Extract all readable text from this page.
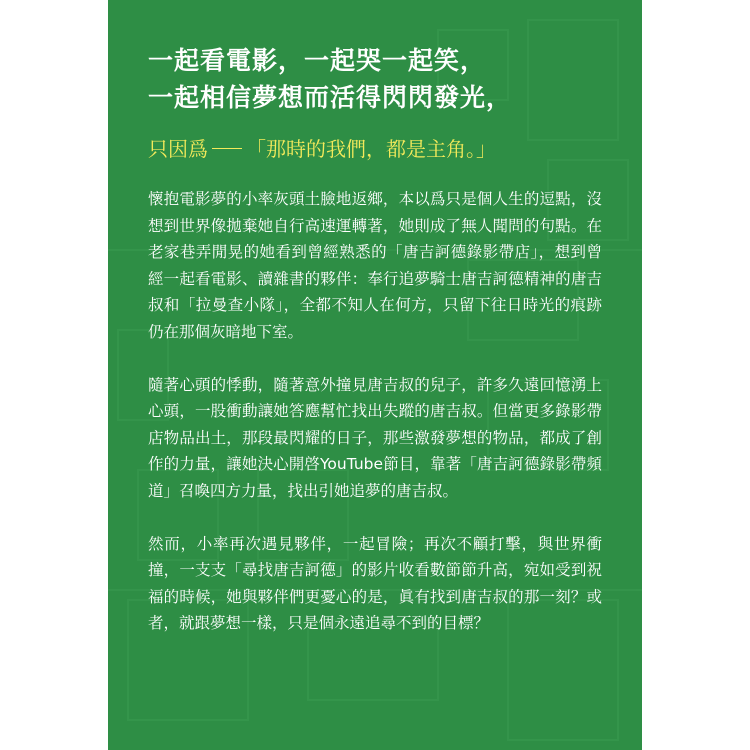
一起看電影，一起哭一起笑，
一起相信夢想而活得閃閃發光，

只因爲 「那時的我們，都是主角。」

懷抱電影夢的小率灰頭土臉地返鄉，本以爲只是個人生的逗點，沒想到世界像拋棄她自行高速運轉著，她則成了無人聞問的句點。在老家巷弄閒晃的她看到曾經熟悉的「唐吉訶德錄影帶店」，想到曾經一起看電影、讀雜書的夥伴：奉行追夢騎士唐吉訶德精神的唐吉叔和「拉曼查小隊」，全都不知人在何方，只留下往日時光的痕跡仍在那個灰暗地下室。

隨著心頭的悸動，隨著意外撞見唐吉叔的兒子，許多久遠回憶湧上心頭，一股衝動讓她答應幫忙找出失蹤的唐吉叔。但當更多錄影帶店物品出土，那段最閃耀的日子，那些激發夢想的物品，都成了創作的力量，讓她決心開啓YouTube節目，靠著「唐吉訶德錄影帶頻道」召喚四方力量，找出引她追夢的唐吉叔。

然而，小率再次遇見夥伴，一起冒險；再次不顧打擊，與世界衝撞，一支支「尋找唐吉訶德」的影片收看數節節升高，宛如受到祝福的時候，她與夥伴們更憂心的是，眞有找到唐吉叔的那一刻？或者，就跟夢想一樣，只是個永遠追尋不到的目標？
